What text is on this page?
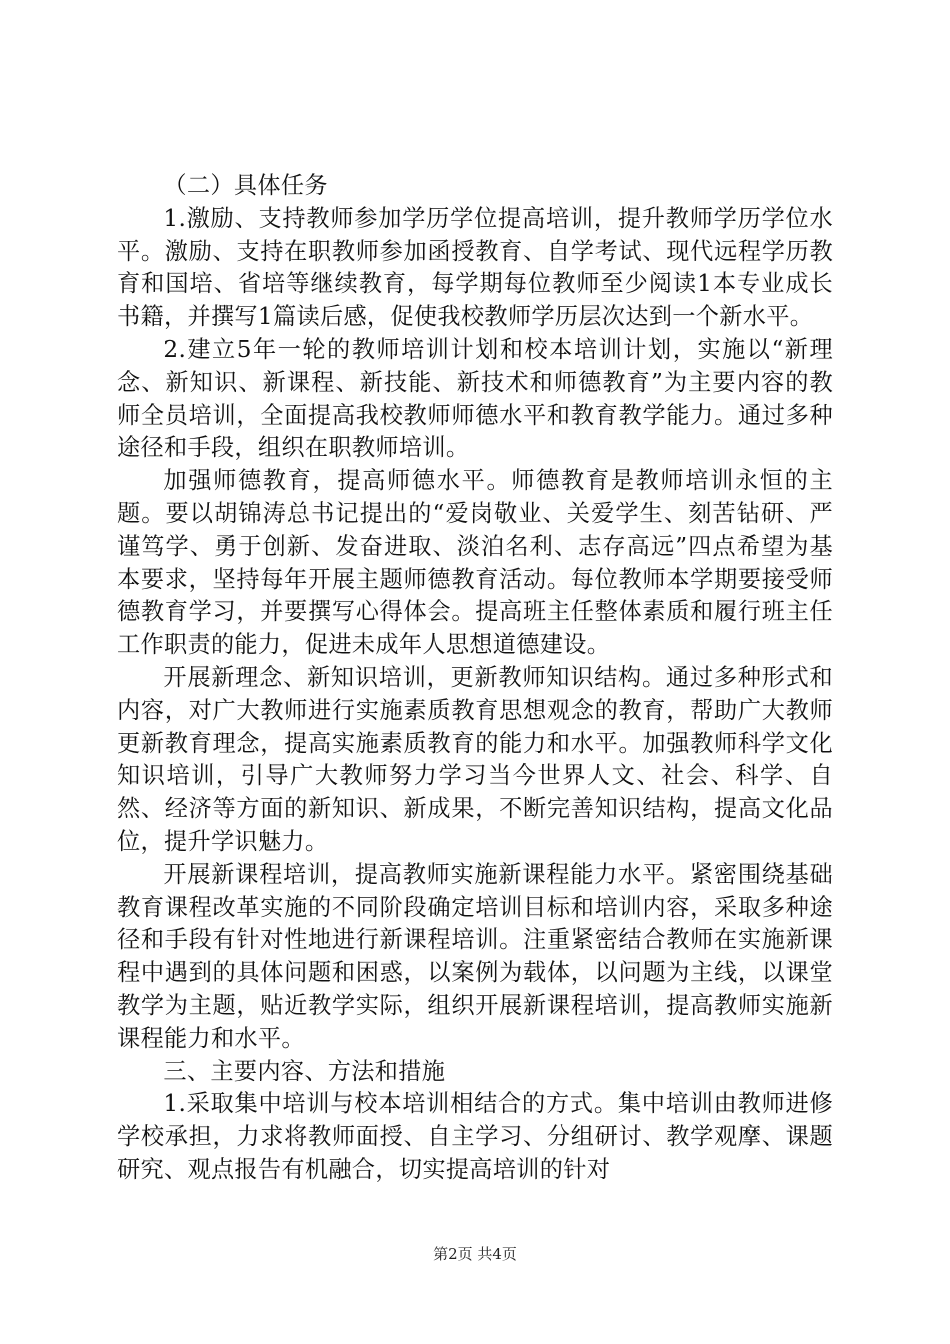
（二）具体任务

1.激励、支持教师参加学历学位提高培训，提升教师学历学位水平。激励、支持在职教师参加函授教育、自学考试、现代远程学历教育和国培、省培等继续教育，每学期每位教师至少阅读1本专业成长书籍，并撰写1篇读后感，促使我校教师学历层次达到一个新水平。

2.建立5年一轮的教师培训计划和校本培训计划，实施以“新理念、新知识、新课程、新技能、新技术和师德教育”为主要内容的教师全员培训，全面提高我校教师师德水平和教育教学能力。通过多种途径和手段，组织在职教师培训。

加强师德教育，提高师德水平。师德教育是教师培训永恒的主题。要以胡锦涛总书记提出的“爱岗敬业、关爱学生、刻苦钻研、严谨笃学、勇于创新、发奋进取、淡泊名利、志存高远”四点希望为基本要求，坚持每年开展主题师德教育活动。每位教师本学期要接受师德教育学习，并要撰写心得体会。提高班主任整体素质和履行班主任工作职责的能力，促进未成年人思想道德建设。

开展新理念、新知识培训，更新教师知识结构。通过多种形式和内容，对广大教师进行实施素质教育思想观念的教育，帮助广大教师更新教育理念，提高实施素质教育的能力和水平。加强教师科学文化知识培训，引导广大教师努力学习当今世界人文、社会、科学、自然、经济等方面的新知识、新成果，不断完善知识结构，提高文化品位，提升学识魅力。

开展新课程培训，提高教师实施新课程能力水平。紧密围绕基础教育课程改革实施的不同阶段确定培训目标和培训内容，采取多种途径和手段有针对性地进行新课程培训。注重紧密结合教师在实施新课程中遇到的具体问题和困惑，以案例为载体，以问题为主线，以课堂教学为主题，贴近教学实际，组织开展新课程培训，提高教师实施新课程能力和水平。

三、主要内容、方法和措施

1.采取集中培训与校本培训相结合的方式。集中培训由教师进修学校承担，力求将教师面授、自主学习、分组研讨、教学观摩、课题研究、观点报告有机融合，切实提高培训的针对

第2页 共4页
